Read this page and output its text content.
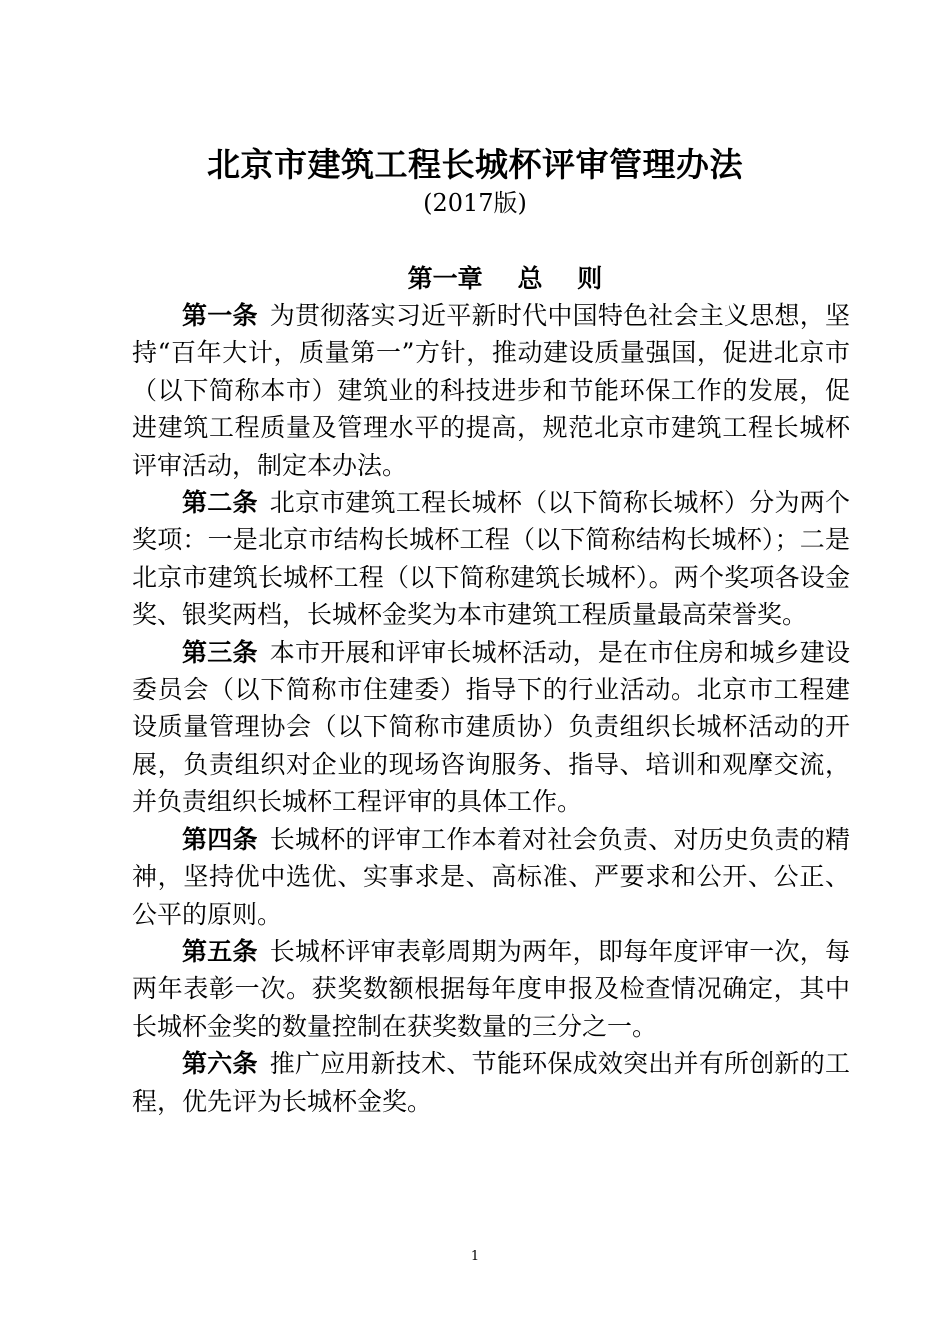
北京市建筑工程长城杯评审管理办法
(2017版)
第一章    总    则

第一条 为贯彻落实习近平新时代中国特色社会主义思想，坚持“百年大计，质量第一”方针，推动建设质量强国，促进北京市（以下简称本市）建筑业的科技进步和节能环保工作的发展，促进建筑工程质量及管理水平的提高，规范北京市建筑工程长城杯评审活动，制定本办法。

第二条 北京市建筑工程长城杯（以下简称长城杯）分为两个奖项：一是北京市结构长城杯工程（以下简称结构长城杯）；二是北京市建筑长城杯工程（以下简称建筑长城杯）。两个奖项各设金奖、银奖两档，长城杯金奖为本市建筑工程质量最高荣誉奖。

第三条 本市开展和评审长城杯活动，是在市住房和城乡建设委员会（以下简称市住建委）指导下的行业活动。北京市工程建设质量管理协会（以下简称市建质协）负责组织长城杯活动的开展，负责组织对企业的现场咨询服务、指导、培训和观摩交流，并负责组织长城杯工程评审的具体工作。

第四条 长城杯的评审工作本着对社会负责、对历史负责的精神，坚持优中选优、实事求是、高标准、严要求和公开、公正、公平的原则。

第五条 长城杯评审表彰周期为两年，即每年度评审一次，每两年表彰一次。获奖数额根据每年度申报及检查情况确定，其中长城杯金奖的数量控制在获奖数量的三分之一。

第六条 推广应用新技术、节能环保成效突出并有所创新的工程，优先评为长城杯金奖。

1
